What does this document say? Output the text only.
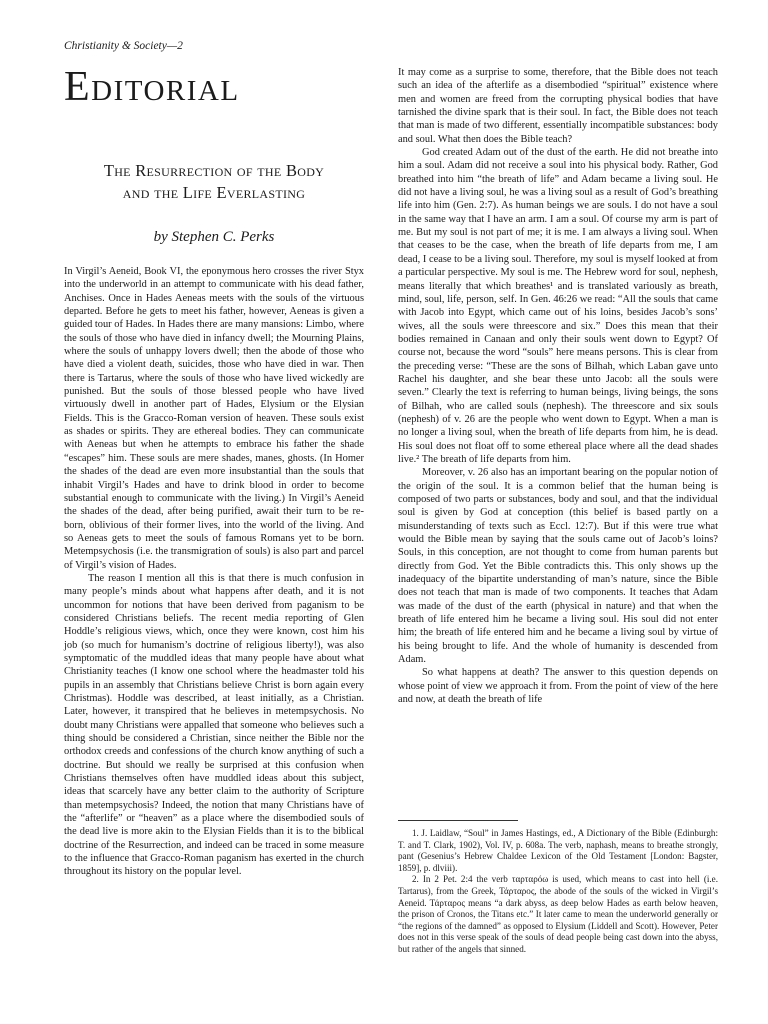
Christianity & Society—2
Editorial
The Resurrection of the Body
and the Life Everlasting
by Stephen C. Perks

In Virgil’s Aeneid, Book VI, the eponymous hero crosses the river Styx into the underworld in an attempt to communicate with his dead father, Anchises. Once in Hades Aeneas meets with the souls of the virtuous departed. Before he gets to meet his father, however, Aeneas is given a guided tour of Hades. In Hades there are many mansions: Limbo, where the souls of those who have died in infancy dwell; the Mourning Plains, where the souls of unhappy lovers dwell; then the abode of those who have died a violent death, suicides, those who have died in war. Then there is Tartarus, where the souls of those who have lived wickedly are punished. But the souls of those blessed people who have lived virtuously dwell in another part of Hades, Elysium or the Elysian Fields. This is the Gracco-Roman version of heaven. These souls exist as shades or spirits. They are ethereal bodies. They can communicate with Aeneas but when he attempts to embrace his father the shade “escapes” him. These souls are mere shades, manes, ghosts. (In Homer the shades of the dead are even more insubstantial than the souls that inhabit Virgil’s Hades and have to drink blood in order to become substantial enough to communicate with the living.) In Virgil’s Aeneid the shades of the dead, after being purified, await their turn to be re-born, oblivious of their former lives, into the world of the living. And so Aeneas gets to meet the souls of famous Romans yet to be born. Metempsychosis (i.e. the transmigration of souls) is also part and parcel of Virgil’s vision of Hades.

The reason I mention all this is that there is much confusion in many people’s minds about what happens after death, and it is not uncommon for notions that have been derived from paganism to be considered Christians beliefs. The recent media reporting of Glen Hoddle’s religious views, which, once they were known, cost him his job (so much for humanism’s doctrine of religious liberty!), was also symptomatic of the muddled ideas that many people have about what Christianity teaches (I know one school where the headmaster told his pupils in an assembly that Christians believe Christ is born again every Christmas). Hoddle was described, at least initially, as a Christian. Later, however, it transpired that he believes in metempsychosis. No doubt many Christians were appalled that someone who believes such a thing should be considered a Christian, since neither the Bible nor the orthodox creeds and confessions of the church know anything of such a doctrine. But should we really be surprised at this confusion when Christians themselves often have muddled ideas about this subject, ideas that scarcely have any better claim to the authority of Scripture than metempsychosis? Indeed, the notion that many Christians have of the “afterlife” or “heaven” as a place where the disembodied souls of the dead live is more akin to the Elysian Fields than it is to the biblical doctrine of the Resurrection, and indeed can be traced in some measure to the influence that Gracco-Roman paganism has exerted in the church throughout its history on the popular level.

It may come as a surprise to some, therefore, that the Bible does not teach such an idea of the afterlife as a disembodied “spiritual” existence where men and women are freed from the corrupting physical bodies that have tarnished the divine spark that is their soul. In fact, the Bible does not teach that man is made of two different, essentially incompatible substances: body and soul. What then does the Bible teach?

God created Adam out of the dust of the earth. He did not breathe into him a soul. Adam did not receive a soul into his physical body. Rather, God breathed into him “the breath of life” and Adam became a living soul. He did not have a living soul, he was a living soul as a result of God’s breathing life into him (Gen. 2:7). As human beings we are souls. I do not have a soul in the same way that I have an arm. I am a soul. Of course my arm is part of me. But my soul is not part of me; it is me. I am always a living soul. When that ceases to be the case, when the breath of life departs from me, I am dead, I cease to be a living soul. Therefore, my soul is myself looked at from a particular perspective. My soul is me. The Hebrew word for soul, nephesh, means literally that which breathes¹ and is translated variously as breath, mind, soul, life, person, self. In Gen. 46:26 we read: “All the souls that came with Jacob into Egypt, which came out of his loins, besides Jacob’s sons’ wives, all the souls were threescore and six.” Does this mean that their bodies remained in Canaan and only their souls went down to Egypt? Of course not, because the word “souls” here means persons. This is clear from the preceding verse: “These are the sons of Bilhah, which Laban gave unto Rachel his daughter, and she bear these unto Jacob: all the souls were seven.” Clearly the text is referring to human beings, living beings, the sons of Bilhah, who are called souls (nephesh). The threescore and six souls (nephesh) of v. 26 are the people who went down to Egypt. When a man is no longer a living soul, when the breath of life departs from him, he is dead. His soul does not float off to some ethereal place where all the dead shades live.² The breath of life departs from him.

Moreover, v. 26 also has an important bearing on the popular notion of the origin of the soul. It is a common belief that the human being is composed of two parts or substances, body and soul, and that the individual soul is given by God at conception (this belief is based partly on a misunderstanding of texts such as Eccl. 12:7). But if this were true what would the Bible mean by saying that the souls came out of Jacob’s loins? Souls, in this conception, are not thought to come from human parents but directly from God. Yet the Bible contradicts this. This only shows up the inadequacy of the bipartite understanding of man’s nature, since the Bible does not teach that man is made of two components. It teaches that Adam was made of the dust of the earth (physical in nature) and that when the breath of life entered him he became a living soul. His soul did not enter him; the breath of life entered him and he became a living soul by virtue of his being brought to life. And the whole of humanity is descended from Adam.

So what happens at death? The answer to this question depends on whose point of view we approach it from. From the point of view of the here and now, at death the breath of life

1. J. Laidlaw, “Soul” in James Hastings, ed., A Dictionary of the Bible (Edinburgh: T. and T. Clark, 1902), Vol. IV, p. 608a. The verb, naphash, means to breathe strongly, pant (Gesenius’s Hebrew Chaldee Lexicon of the Old Testament [London: Bagster, 1859], p. dlviii).

2. In 2 Pet. 2:4 the verb ταρταρόω is used, which means to cast into hell (i.e. Tartarus), from the Greek, Τάρταρος, the abode of the souls of the wicked in Virgil’s Aeneid. Τάρταρος means “a dark abyss, as deep below Hades as earth below heaven, the prison of Cronos, the Titans etc.” It later came to mean the underworld generally or “the regions of the damned” as opposed to Elysium (Liddell and Scott). However, Peter does not in this verse speak of the souls of dead people being cast down into the abyss, but rather of the angels that sinned.
